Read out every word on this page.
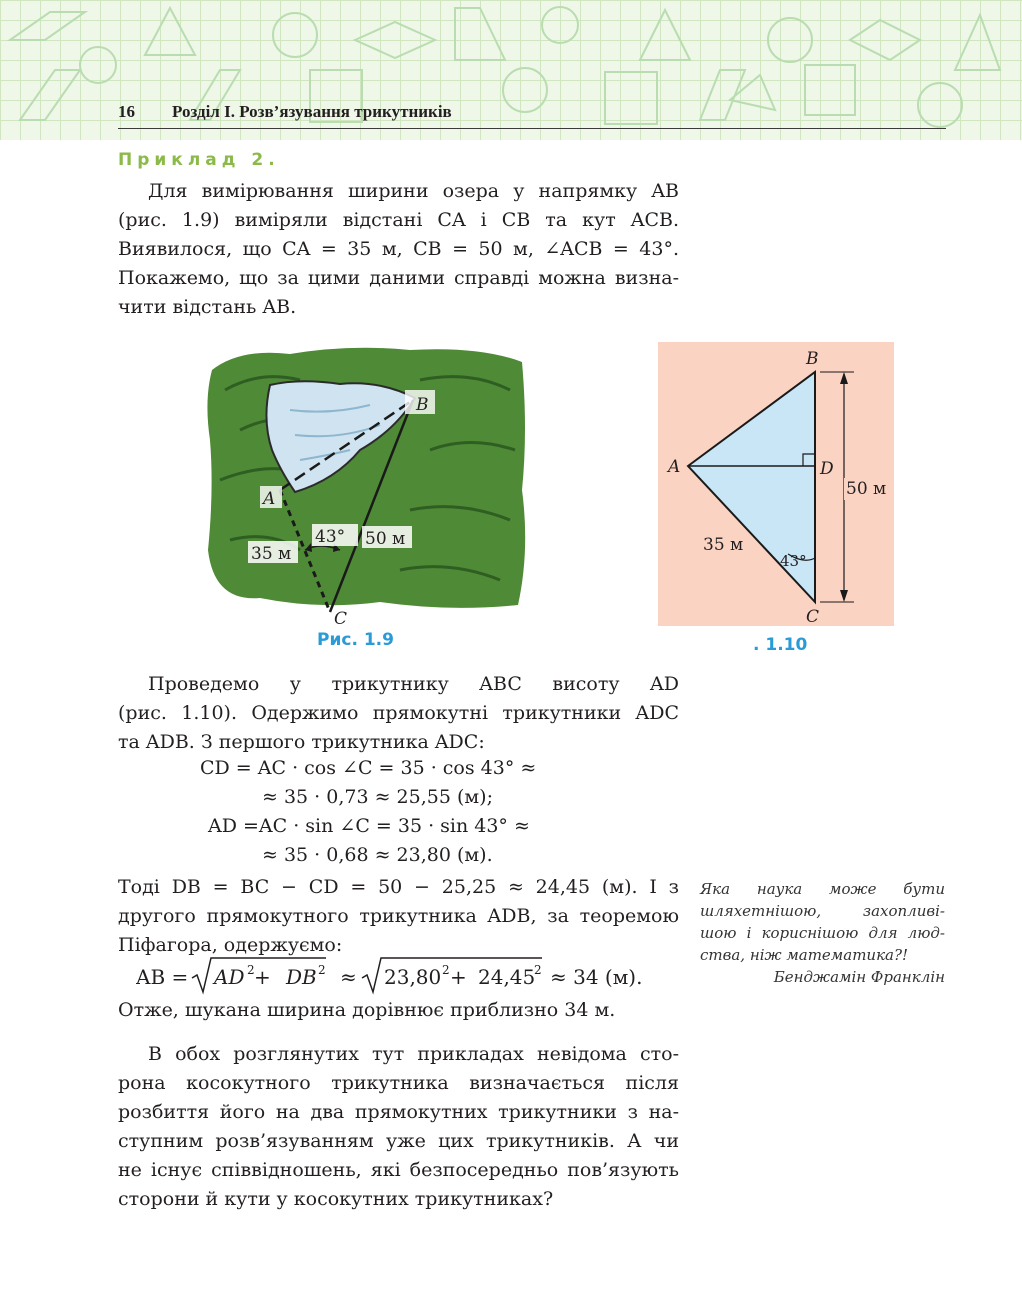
16 Розділ І. Розв’язування трикутників
Приклад 2.
Для вимірювання ширини озера у напрямку AB
(рис. 1.9) виміряли відстані CA і CB та кут ACB.
Виявилося, що CA = 35 м, CB = 50 м, ∠ACB = 43°.
Покажемо, що за цими даними справді можна визна-
чити відстань AB.
B
A
43° 50 м
35 м
C
Рис. 1.9
B
A	D
C
50 м
35 м
43°
. 1.10
Проведемо у трикутнику ABC висоту AD
(рис. 1.10). Одержимо прямокутні трикутники ADC
та ADB. З першого трикутника ADC:
CD = AC · cos ∠C = 35 · cos 43° ≈
≈ 35 · 0,73 ≈ 25,55 (м);
AD =AC · sin ∠C = 35 · sin 43° ≈
≈ 35 · 0,68 ≈ 23,80 (м).
Тоді DB = BC − CD = 50 − 25,25 ≈ 24,45 (м). І з
другого прямокутного трикутника ADB, за теоремою
Піфагора, одержуємо:
AB = AD 2 + DB 2 ≈ 23,80 2 + 24,45
2 ≈ 34 (м).
Отже, шукана ширина дорівнює приблизно 34 м.
В обох розглянутих тут прикладах невідома сто-
рона косокутного трикутника визначається після
розбиття його на два прямокутних трикутники з на-
ступним розв’язуванням уже цих трикутників. А чи
не існує співвідношень, які безпосередньо пов’язують
сторони й кути у косокутних трикутниках?
Яка наука може бути
шляхетнішою, захопливі-
шою і кориснішою для люд-
ства, ніж математика?!
Бенджамін Франклін
